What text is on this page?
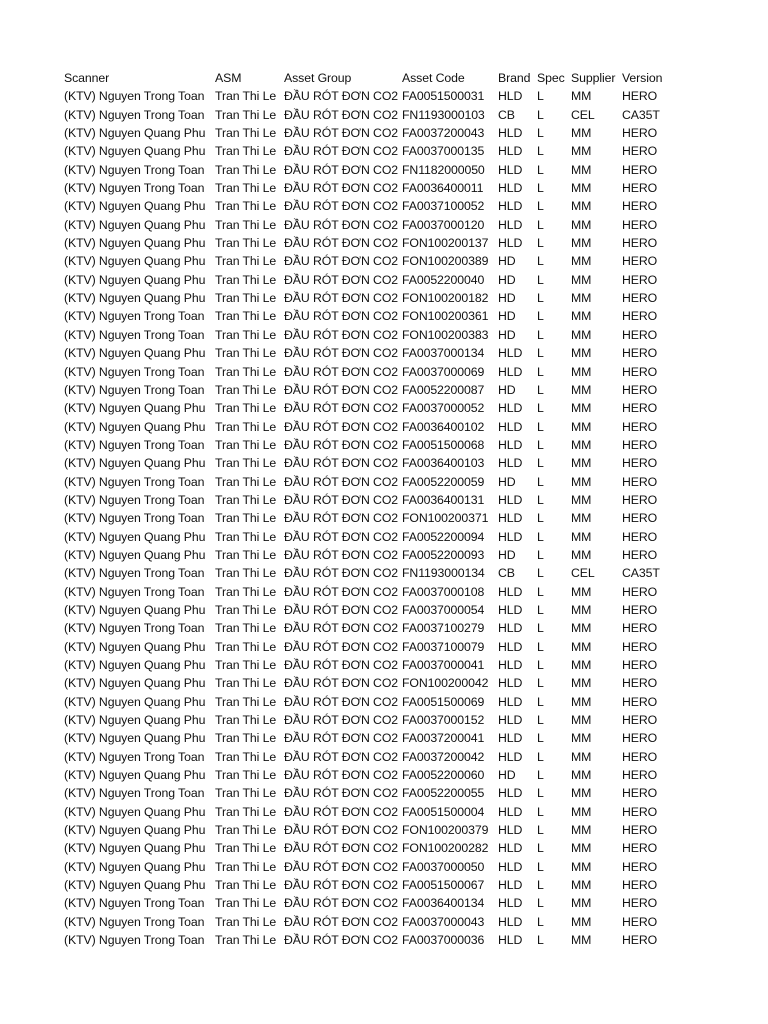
Scanner	ASM	Asset Group	Asset Code	Brand	Spec	Supplier	Version
(KTV) Nguyen Trong Toan	Tran Thi Le	ĐẦU RÓT ĐƠN CO2	FA0051500031	HLD	L	MM	HERO
(KTV) Nguyen Trong Toan	Tran Thi Le	ĐẦU RÓT ĐƠN CO2	FN1193000103	CB	L	CEL	CA35T
(KTV) Nguyen Quang Phu	Tran Thi Le	ĐẦU RÓT ĐƠN CO2	FA0037200043	HLD	L	MM	HERO
(KTV) Nguyen Quang Phu	Tran Thi Le	ĐẦU RÓT ĐƠN CO2	FA0037000135	HLD	L	MM	HERO
(KTV) Nguyen Trong Toan	Tran Thi Le	ĐẦU RÓT ĐƠN CO2	FN1182000050	HLD	L	MM	HERO
(KTV) Nguyen Trong Toan	Tran Thi Le	ĐẦU RÓT ĐƠN CO2	FA0036400011	HLD	L	MM	HERO
(KTV) Nguyen Quang Phu	Tran Thi Le	ĐẦU RÓT ĐƠN CO2	FA0037100052	HLD	L	MM	HERO
(KTV) Nguyen Quang Phu	Tran Thi Le	ĐẦU RÓT ĐƠN CO2	FA0037000120	HLD	L	MM	HERO
(KTV) Nguyen Quang Phu	Tran Thi Le	ĐẦU RÓT ĐƠN CO2	FON100200137	HLD	L	MM	HERO
(KTV) Nguyen Quang Phu	Tran Thi Le	ĐẦU RÓT ĐƠN CO2	FON100200389	HD	L	MM	HERO
(KTV) Nguyen Quang Phu	Tran Thi Le	ĐẦU RÓT ĐƠN CO2	FA0052200040	HD	L	MM	HERO
(KTV) Nguyen Quang Phu	Tran Thi Le	ĐẦU RÓT ĐƠN CO2	FON100200182	HD	L	MM	HERO
(KTV) Nguyen Trong Toan	Tran Thi Le	ĐẦU RÓT ĐƠN CO2	FON100200361	HD	L	MM	HERO
(KTV) Nguyen Trong Toan	Tran Thi Le	ĐẦU RÓT ĐƠN CO2	FON100200383	HD	L	MM	HERO
(KTV) Nguyen Quang Phu	Tran Thi Le	ĐẦU RÓT ĐƠN CO2	FA0037000134	HLD	L	MM	HERO
(KTV) Nguyen Trong Toan	Tran Thi Le	ĐẦU RÓT ĐƠN CO2	FA0037000069	HLD	L	MM	HERO
(KTV) Nguyen Trong Toan	Tran Thi Le	ĐẦU RÓT ĐƠN CO2	FA0052200087	HD	L	MM	HERO
(KTV) Nguyen Quang Phu	Tran Thi Le	ĐẦU RÓT ĐƠN CO2	FA0037000052	HLD	L	MM	HERO
(KTV) Nguyen Quang Phu	Tran Thi Le	ĐẦU RÓT ĐƠN CO2	FA0036400102	HLD	L	MM	HERO
(KTV) Nguyen Trong Toan	Tran Thi Le	ĐẦU RÓT ĐƠN CO2	FA0051500068	HLD	L	MM	HERO
(KTV) Nguyen Quang Phu	Tran Thi Le	ĐẦU RÓT ĐƠN CO2	FA0036400103	HLD	L	MM	HERO
(KTV) Nguyen Trong Toan	Tran Thi Le	ĐẦU RÓT ĐƠN CO2	FA0052200059	HD	L	MM	HERO
(KTV) Nguyen Trong Toan	Tran Thi Le	ĐẦU RÓT ĐƠN CO2	FA0036400131	HLD	L	MM	HERO
(KTV) Nguyen Trong Toan	Tran Thi Le	ĐẦU RÓT ĐƠN CO2	FON100200371	HLD	L	MM	HERO
(KTV) Nguyen Quang Phu	Tran Thi Le	ĐẦU RÓT ĐƠN CO2	FA0052200094	HLD	L	MM	HERO
(KTV) Nguyen Quang Phu	Tran Thi Le	ĐẦU RÓT ĐƠN CO2	FA0052200093	HD	L	MM	HERO
(KTV) Nguyen Trong Toan	Tran Thi Le	ĐẦU RÓT ĐƠN CO2	FN1193000134	CB	L	CEL	CA35T
(KTV) Nguyen Trong Toan	Tran Thi Le	ĐẦU RÓT ĐƠN CO2	FA0037000108	HLD	L	MM	HERO
(KTV) Nguyen Quang Phu	Tran Thi Le	ĐẦU RÓT ĐƠN CO2	FA0037000054	HLD	L	MM	HERO
(KTV) Nguyen Trong Toan	Tran Thi Le	ĐẦU RÓT ĐƠN CO2	FA0037100279	HLD	L	MM	HERO
(KTV) Nguyen Quang Phu	Tran Thi Le	ĐẦU RÓT ĐƠN CO2	FA0037100079	HLD	L	MM	HERO
(KTV) Nguyen Quang Phu	Tran Thi Le	ĐẦU RÓT ĐƠN CO2	FA0037000041	HLD	L	MM	HERO
(KTV) Nguyen Quang Phu	Tran Thi Le	ĐẦU RÓT ĐƠN CO2	FON100200042	HLD	L	MM	HERO
(KTV) Nguyen Quang Phu	Tran Thi Le	ĐẦU RÓT ĐƠN CO2	FA0051500069	HLD	L	MM	HERO
(KTV) Nguyen Quang Phu	Tran Thi Le	ĐẦU RÓT ĐƠN CO2	FA0037000152	HLD	L	MM	HERO
(KTV) Nguyen Quang Phu	Tran Thi Le	ĐẦU RÓT ĐƠN CO2	FA0037200041	HLD	L	MM	HERO
(KTV) Nguyen Trong Toan	Tran Thi Le	ĐẦU RÓT ĐƠN CO2	FA0037200042	HLD	L	MM	HERO
(KTV) Nguyen Quang Phu	Tran Thi Le	ĐẦU RÓT ĐƠN CO2	FA0052200060	HD	L	MM	HERO
(KTV) Nguyen Trong Toan	Tran Thi Le	ĐẦU RÓT ĐƠN CO2	FA0052200055	HLD	L	MM	HERO
(KTV) Nguyen Quang Phu	Tran Thi Le	ĐẦU RÓT ĐƠN CO2	FA0051500004	HLD	L	MM	HERO
(KTV) Nguyen Quang Phu	Tran Thi Le	ĐẦU RÓT ĐƠN CO2	FON100200379	HLD	L	MM	HERO
(KTV) Nguyen Quang Phu	Tran Thi Le	ĐẦU RÓT ĐƠN CO2	FON100200282	HLD	L	MM	HERO
(KTV) Nguyen Quang Phu	Tran Thi Le	ĐẦU RÓT ĐƠN CO2	FA0037000050	HLD	L	MM	HERO
(KTV) Nguyen Quang Phu	Tran Thi Le	ĐẦU RÓT ĐƠN CO2	FA0051500067	HLD	L	MM	HERO
(KTV) Nguyen Trong Toan	Tran Thi Le	ĐẦU RÓT ĐƠN CO2	FA0036400134	HLD	L	MM	HERO
(KTV) Nguyen Trong Toan	Tran Thi Le	ĐẦU RÓT ĐƠN CO2	FA0037000043	HLD	L	MM	HERO
(KTV) Nguyen Trong Toan	Tran Thi Le	ĐẦU RÓT ĐƠN CO2	FA0037000036	HLD	L	MM	HERO
